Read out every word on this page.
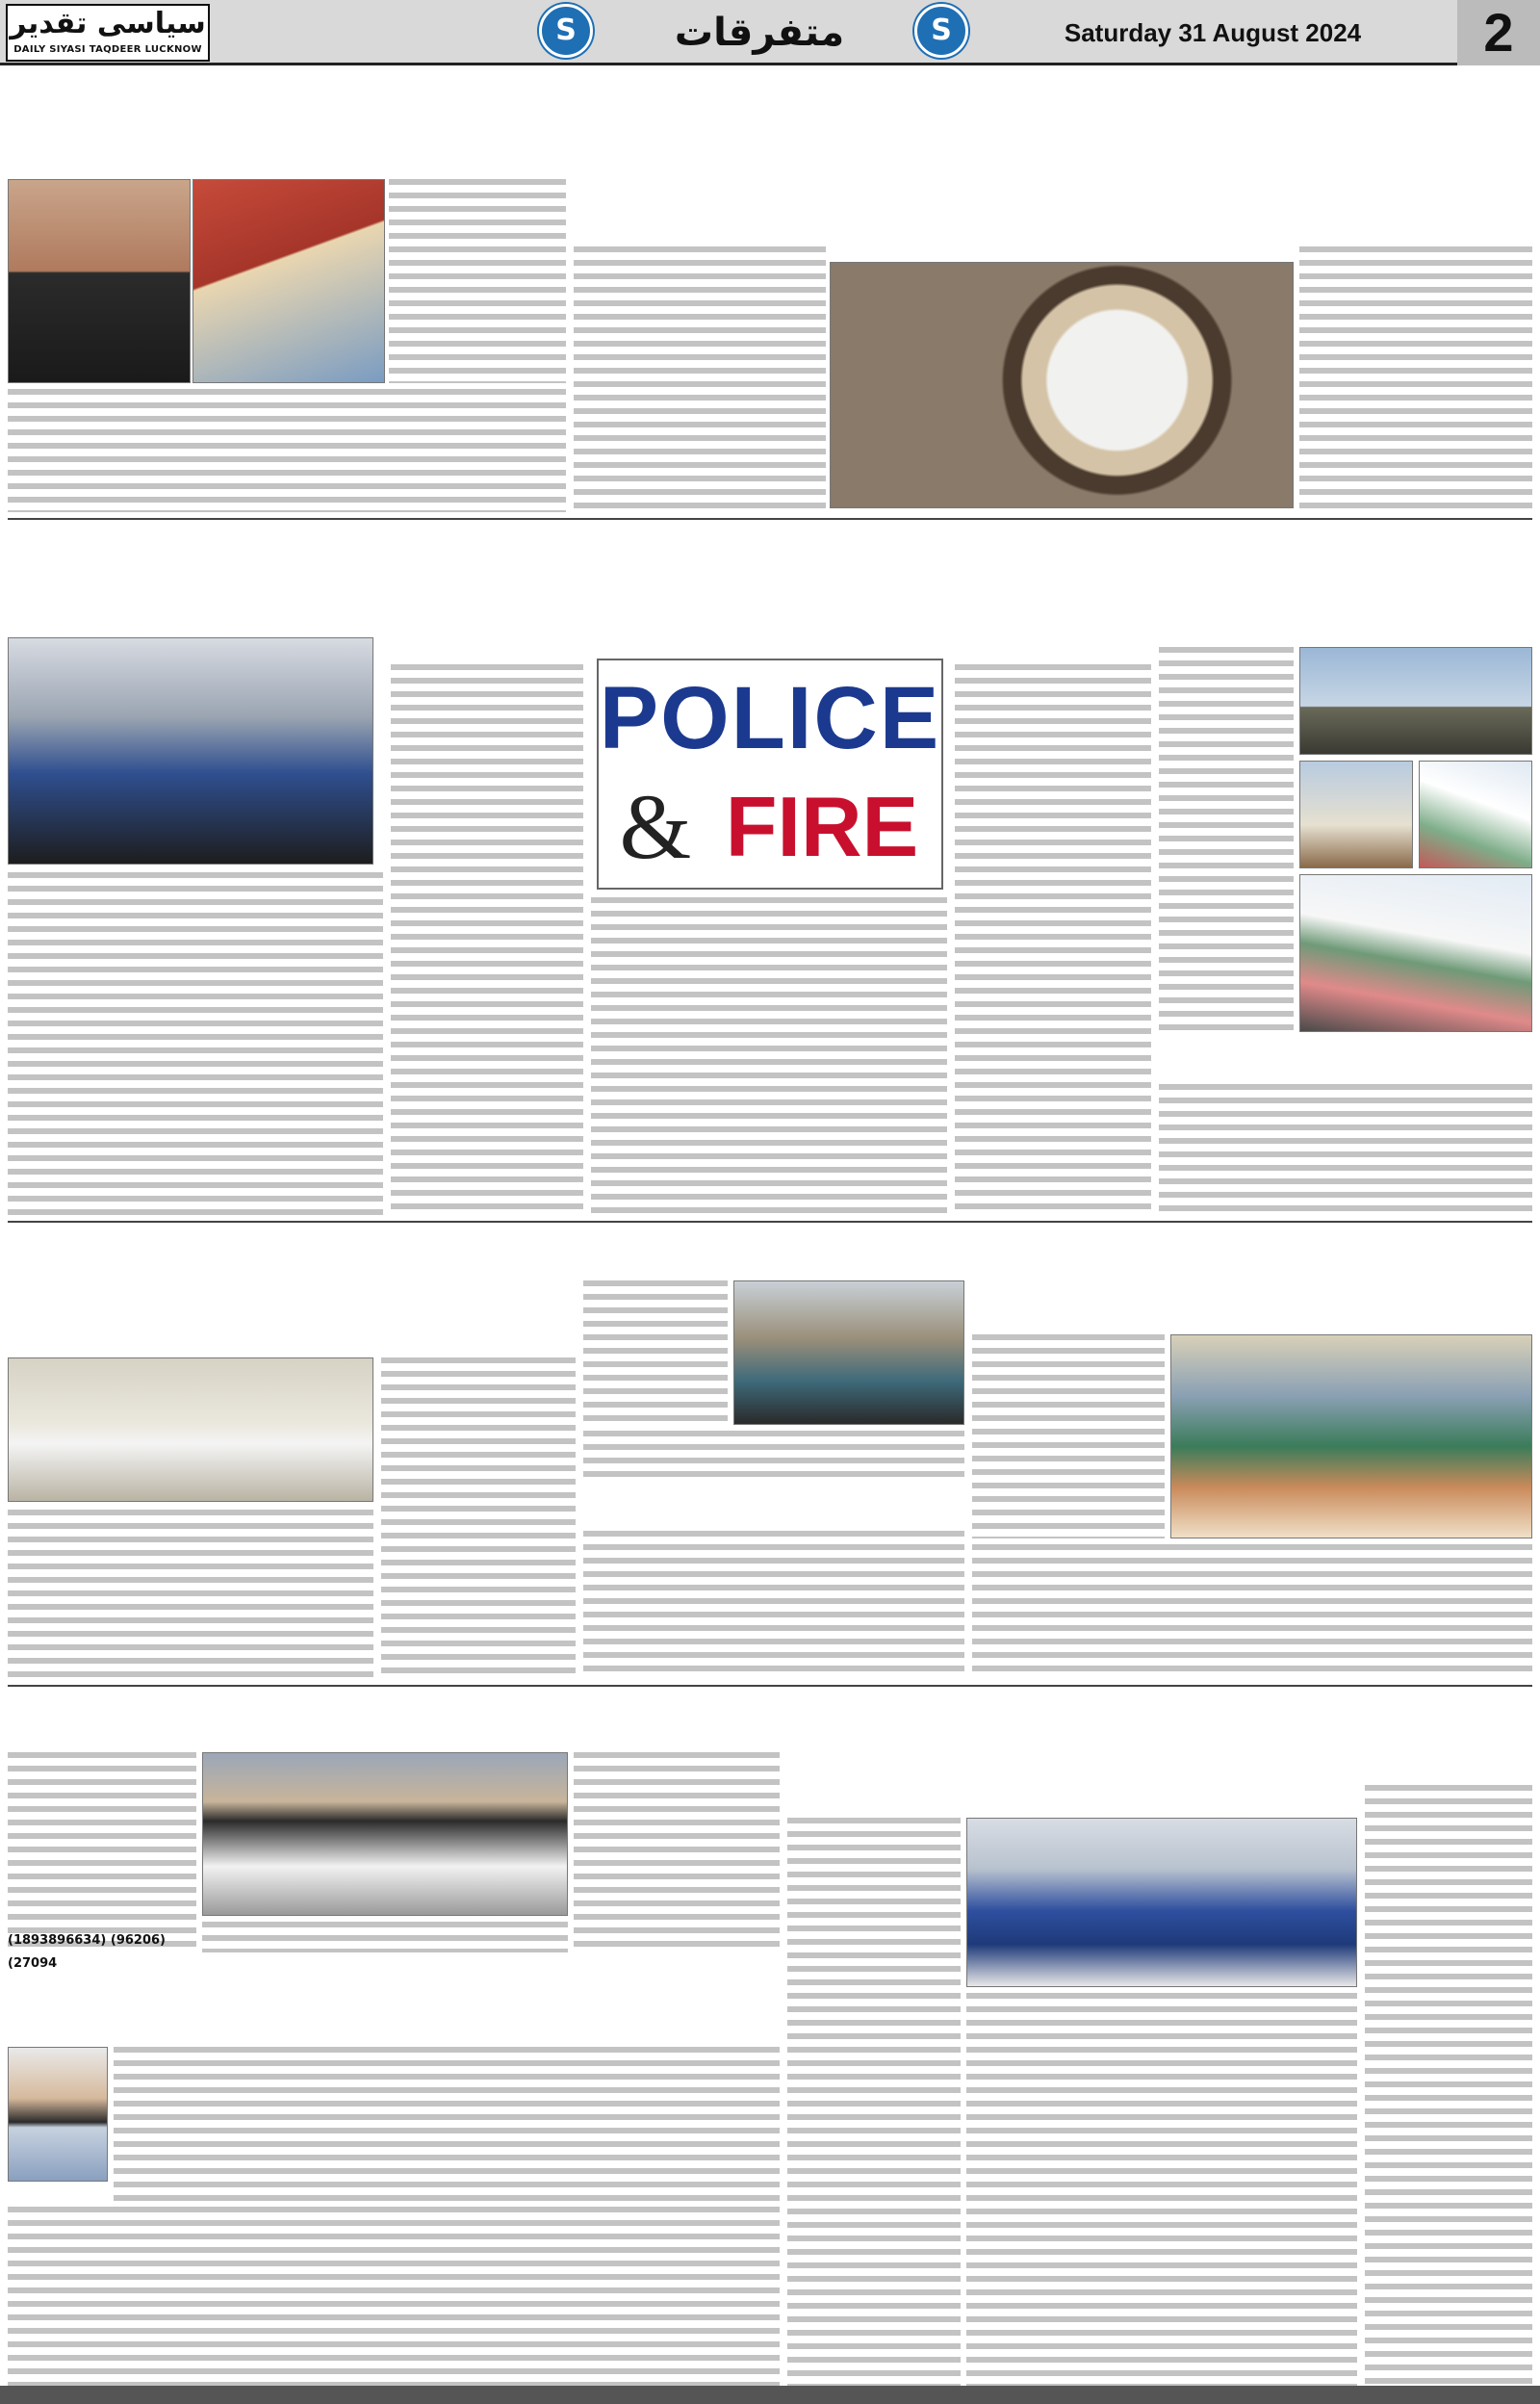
سیاسی تقدیر
DAILY SIYASI TAQDEER LUCKNOW
S	متفرقات	S	Saturday 31 August 2024	2
POLICE
& FIRE
(1893896634) (96206)
(27094
